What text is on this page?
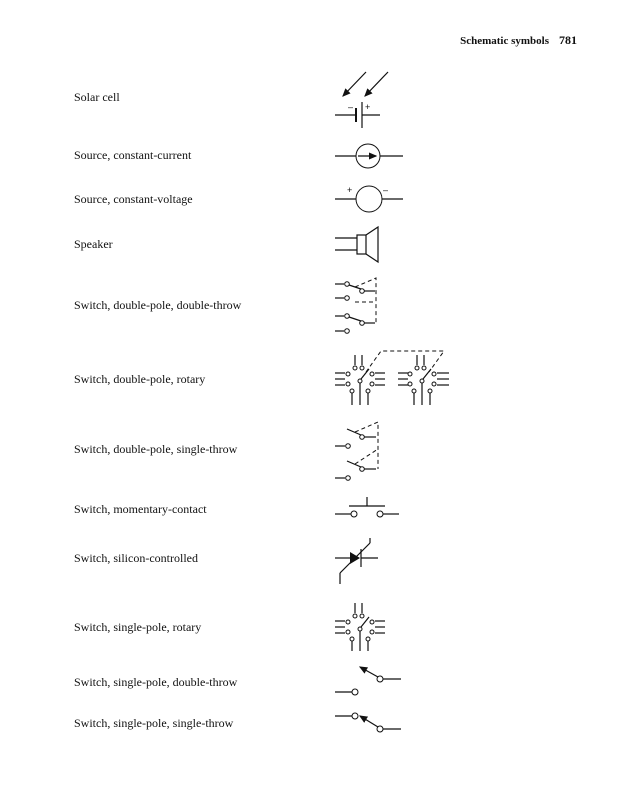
Schematic symbols 781
Solar cell
Source, constant-current
Source, constant-voltage
Speaker
Switch, double-pole, double-throw
Switch, double-pole, rotary
Switch, double-pole, single-throw
Switch, momentary-contact
Switch, silicon-controlled
Switch, single-pole, rotary
Switch, single-pole, double-throw
Switch, single-pole, single-throw
– +
+	–
